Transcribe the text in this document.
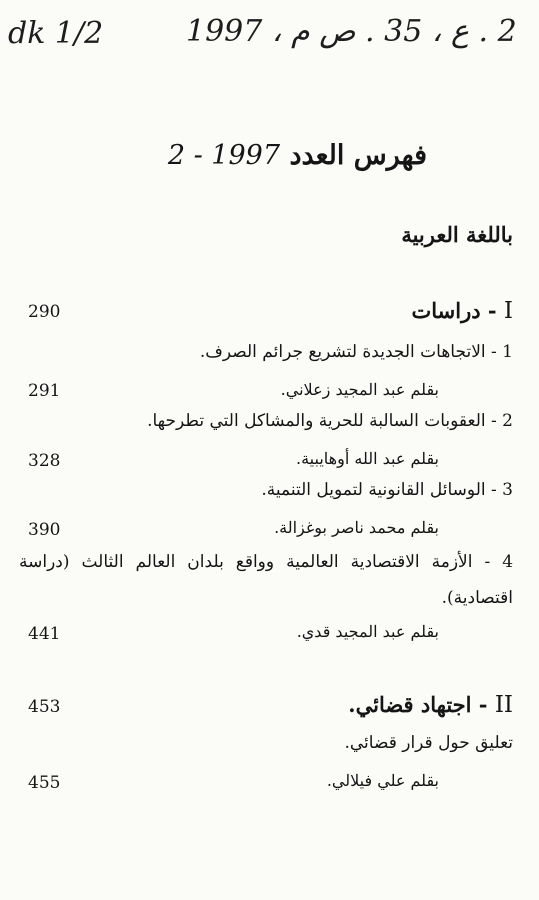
dk 1/2	2 . ع ، 35 . ص م ، 1997
2 - 1997 فهرس العدد
باللغة العربية
290	I - دراسات
1 - الاتجاهات الجديدة لتشريع جرائم الصرف.
291	بقلم عبد المجيد زعلاني.
2 - العقوبات السالبة للحرية والمشاكل التي تطرحها.
328	بقلم عبد الله أوهايبية.
3 - الوسائل القانونية لتمويل التنمية.
390	بقلم محمد ناصر بوغزالة.
4 - الأزمة الاقتصادية العالمية وواقع بلدان العالم الثالث (دراسة اقتصادية).
441	بقلم عبد المجيد قدي.
453	II - اجتهاد قضائي.
تعليق حول قرار قضائي.
455	بقلم علي فيلالي.
